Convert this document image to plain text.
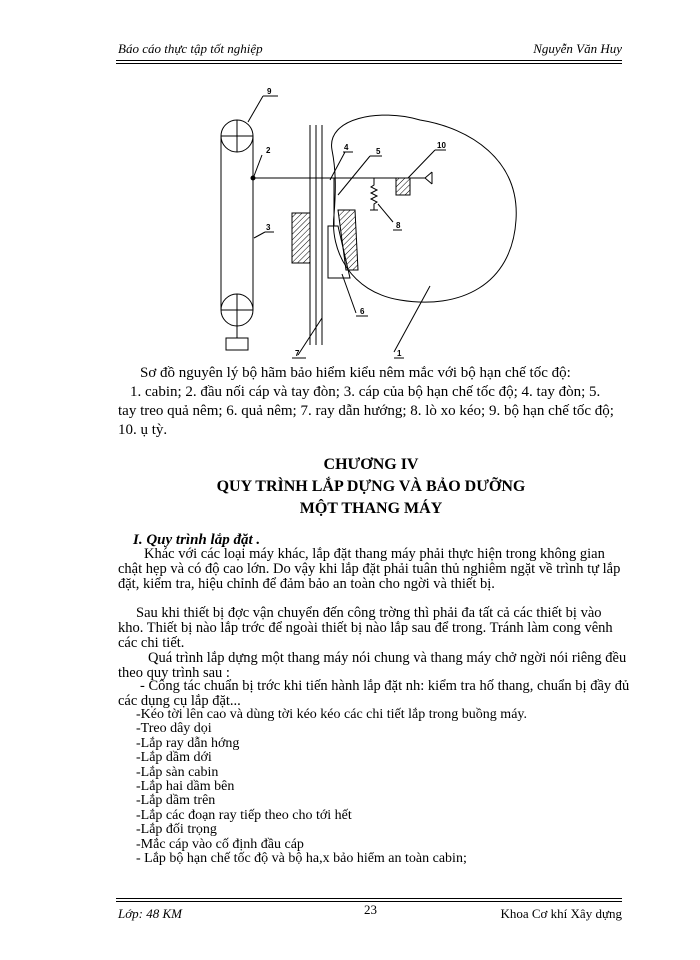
Báo cáo thực tập tốt nghiệp	Nguyễn Văn Huy
9
2
3
4	5
10
8
6
7	1
Sơ đồ nguyên lý bộ hãm bảo hiểm kiểu nêm mắc với bộ hạn chế tốc độ:
1. cabin; 2. đầu nối cáp và tay đòn; 3. cáp của bộ hạn chế tốc độ; 4. tay đòn; 5. tay treo quả nêm; 6. quả nêm; 7. ray dẫn hướng; 8. lò xo kéo; 9. bộ hạn chế tốc độ; 10. ụ tỳ.
CHƯƠNG IV
QUY TRÌNH LẮP DỰNG VÀ BẢO DƯỠNG
MỘT THANG MÁY
I. Quy trình lắp đặt .
Khác với các loại máy khác, lắp đặt thang máy phải thực hiện trong không gian chật hẹp và có độ cao lớn. Do vậy khi lắp đặt phải tuân thủ nghiêm ngặt về trình tự lắp đặt, kiểm tra, hiệu chỉnh để đảm bảo an toàn cho ngời và thiết bị.
Sau khi thiết bị đợc vận chuyển đến công trờng thì phải đa tất cả các thiết bị vào kho. Thiết bị nào lắp trớc để ngoài thiết bị nào lắp sau để trong. Tránh làm cong vênh các chi tiết.
Quá trình lắp dựng một thang máy nói chung và thang máy chở ngời nói riêng đều theo quy trình sau :
- Công tác chuẩn bị trớc khi tiến hành lắp đặt nh: kiểm tra hố thang, chuẩn bị đầy đủ các dụng cụ lắp đặt...
-Kéo tời lên cao và dùng tời kéo kéo các chi tiết lắp trong buồng máy.
-Treo dây dọi
-Lắp ray dẫn hớng
-Lắp dầm dới
-Lắp sàn cabin
-Lắp hai dầm bên
-Lắp dầm trên
-Lắp các đoạn ray tiếp theo cho tới hết
-Lắp đối trọng
-Mắc cáp vào cố định đầu cáp
- Lắp bộ hạn chế tốc độ và bộ ha,x bảo hiểm an toàn cabin;
Lớp: 48 KM	23	Khoa Cơ khí Xây dựng
